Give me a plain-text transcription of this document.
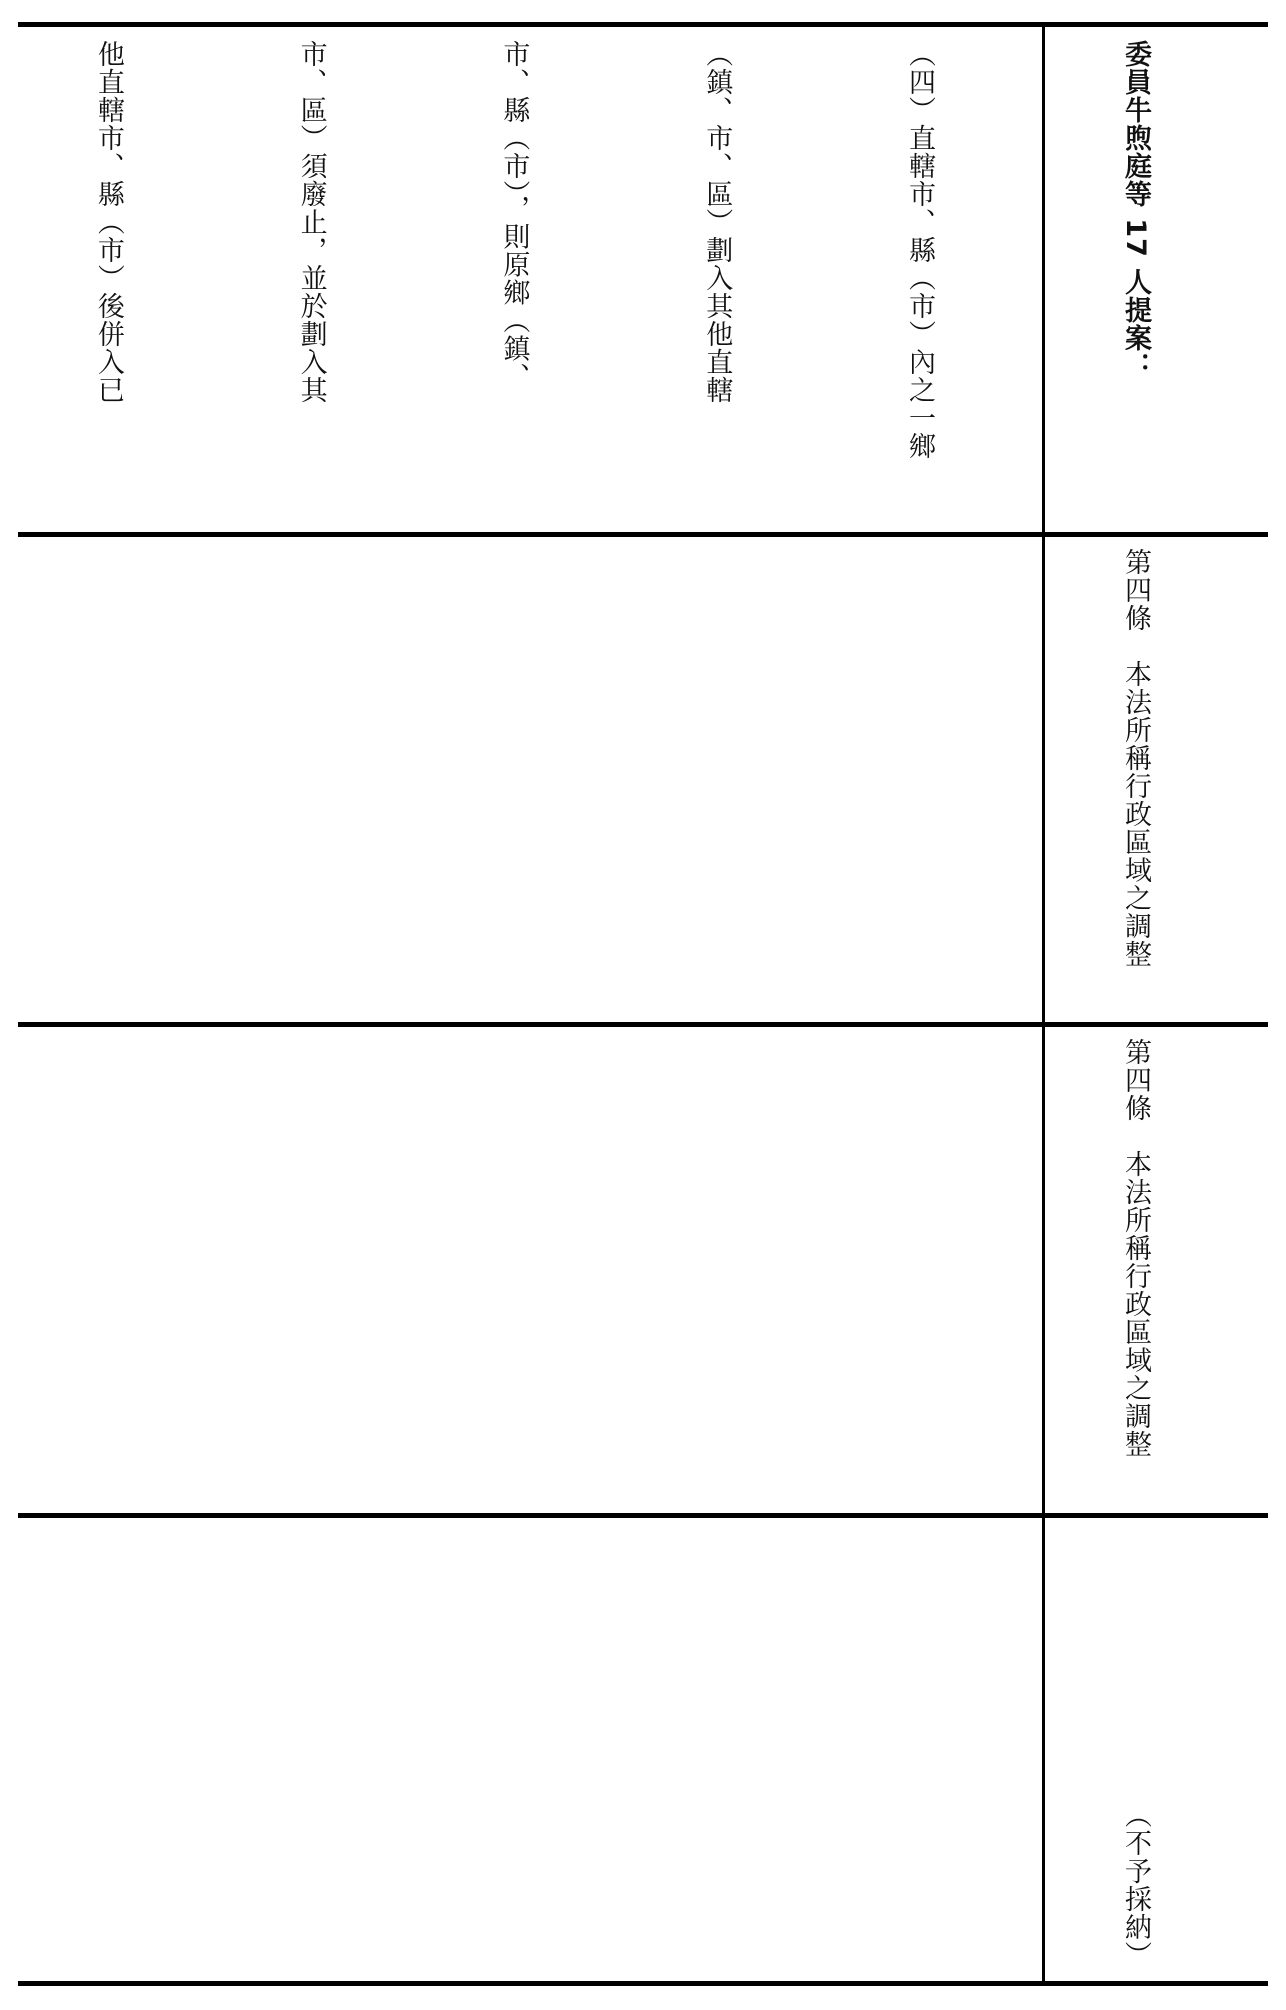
（四）直轄市、縣（市）內之一鄉

（鎮、市、區）劃入其他直轄

市、縣（市），則原鄉（鎮、

市、區）須廢止，並於劃入其

他直轄市、縣（市）後併入已

	委員牛煦庭等 17 人提案：

第四條　本法所稱行政區域之調整

第四條　本法所稱行政區域之調整

（不予採納）
